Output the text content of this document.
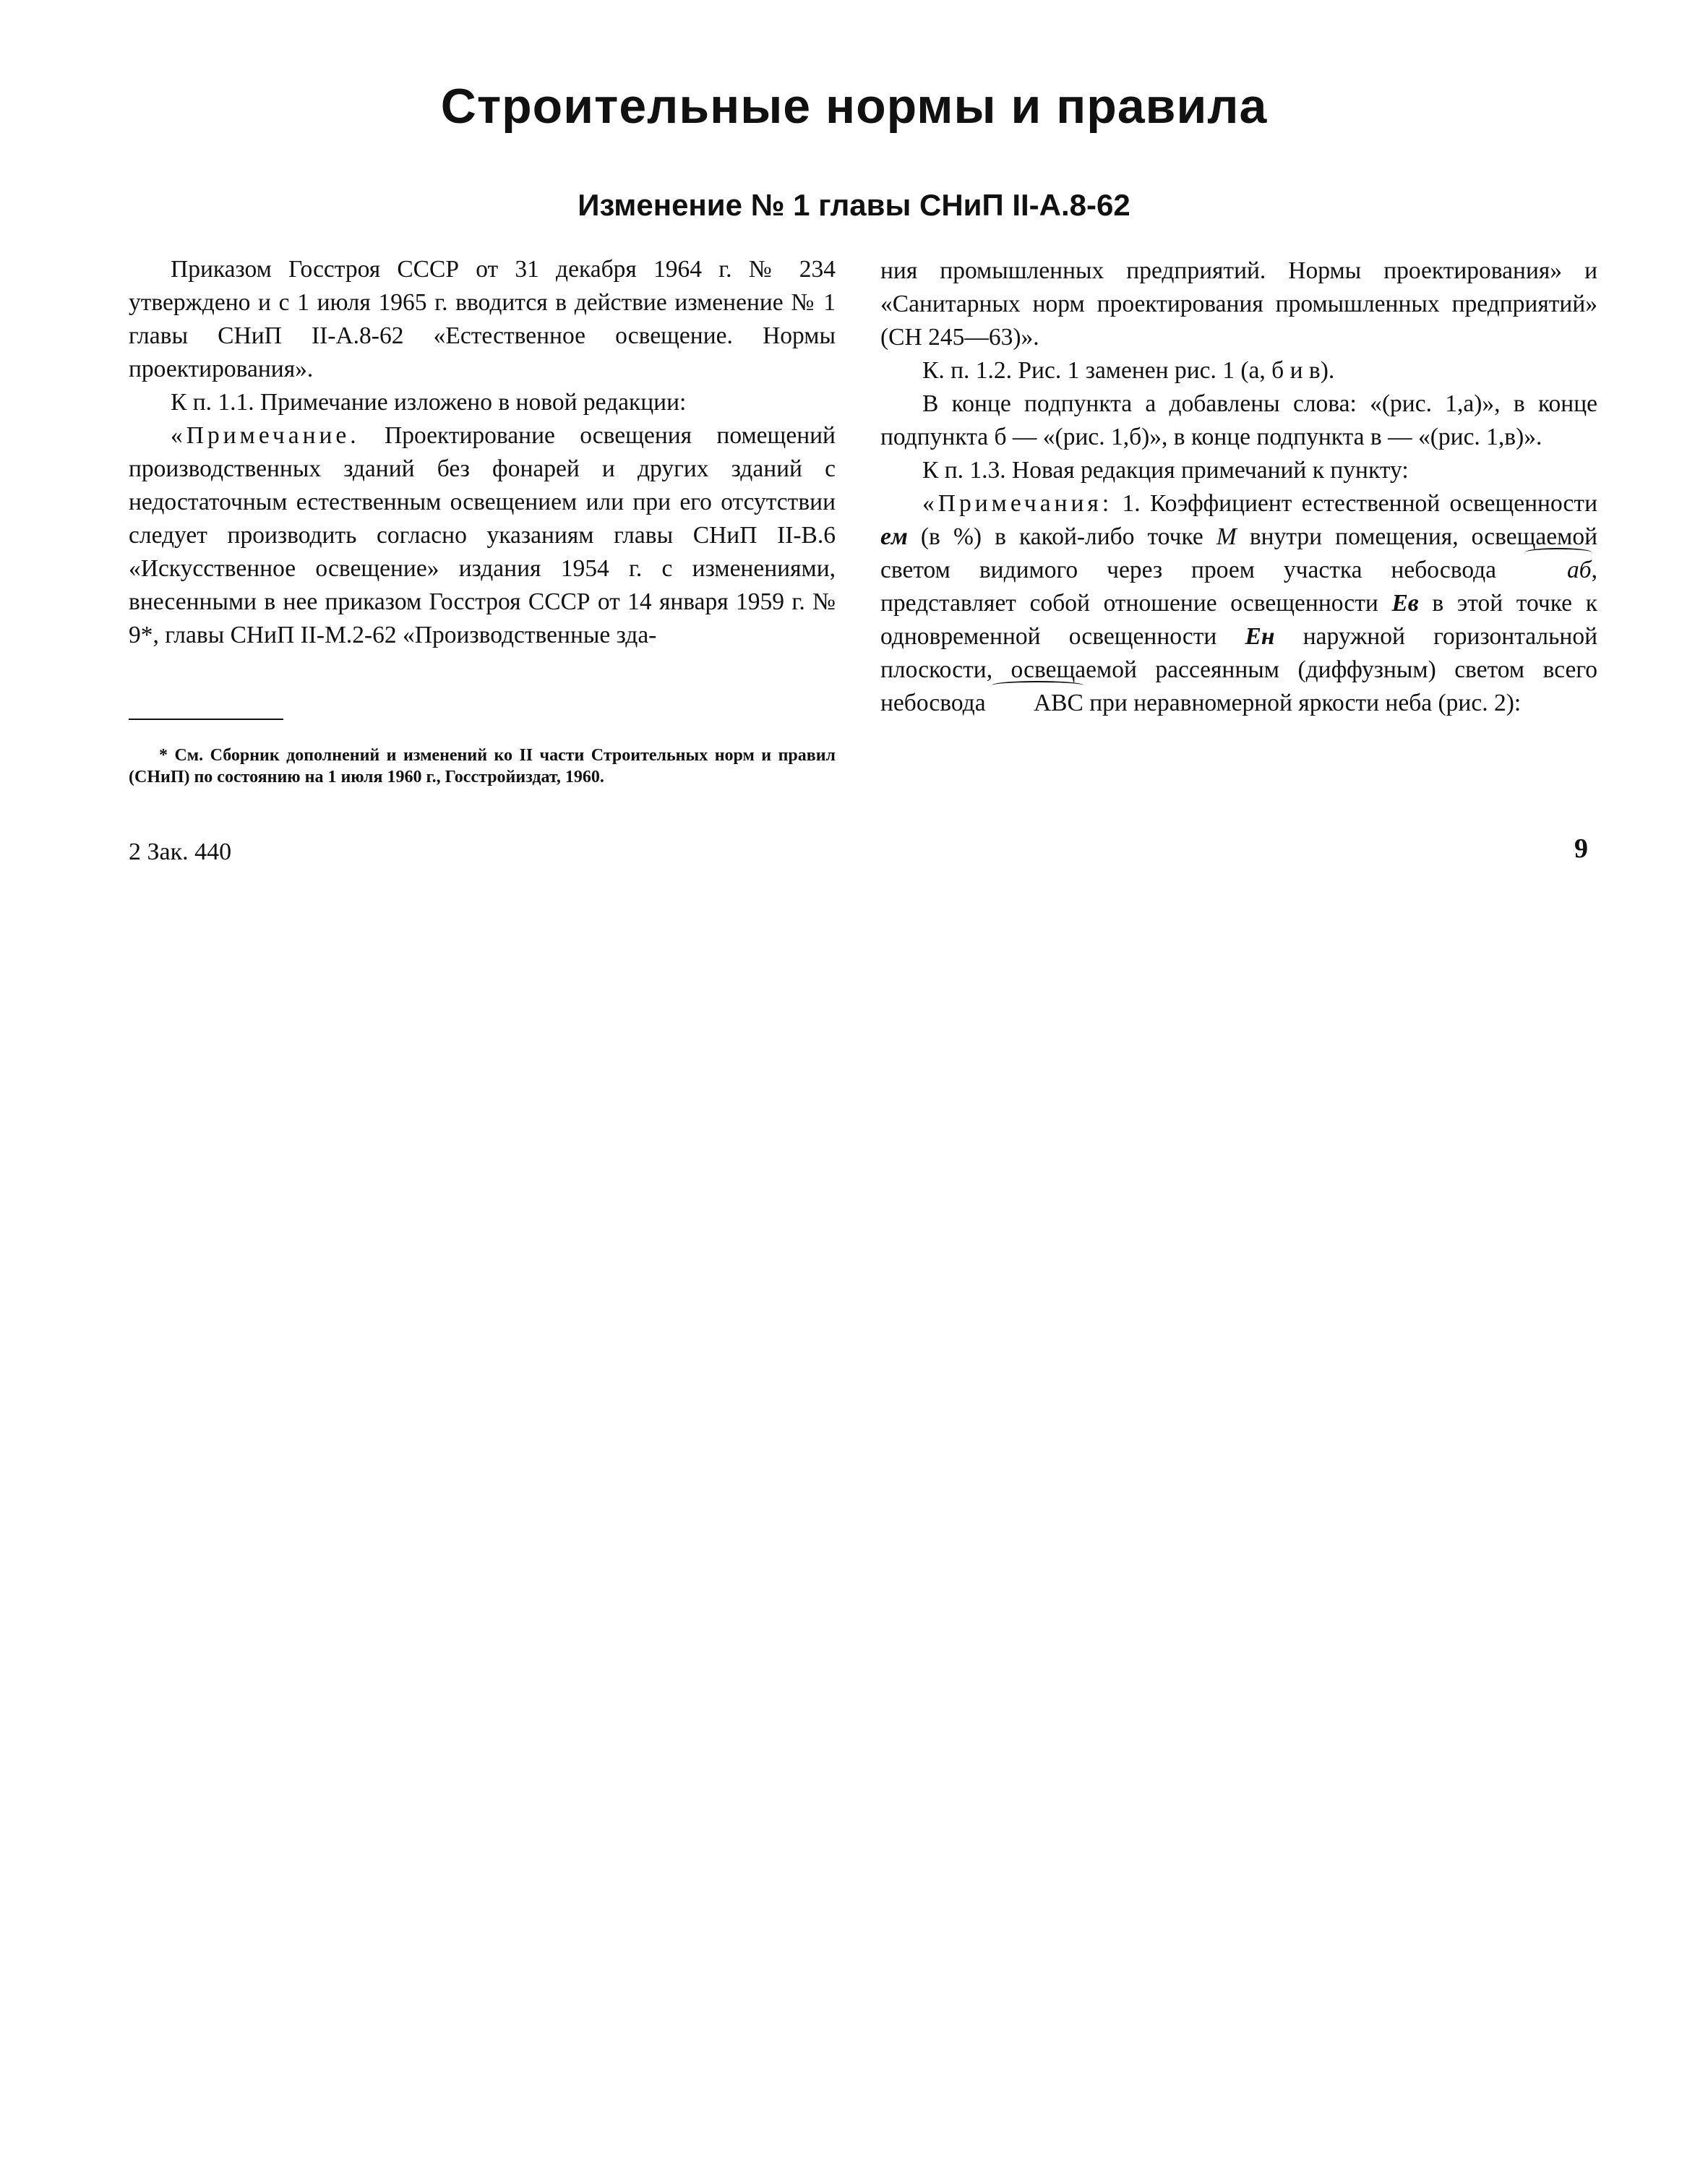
Строительные нормы и правила
Изменение № 1 главы СНиП II-А.8-62

Приказом Госстроя СССР от 31 декабря 1964 г. № 234 утверждено и с 1 июля 1965 г. вводится в действие изменение № 1 главы СНиП II-А.8-62 «Естественное освещение. Нормы проектирования».

К п. 1.1. Примечание изложено в новой редакции:

«Примечание. Проектирование освещения помещений производственных зданий без фонарей и других зданий с недостаточным естественным освещением или при его отсутствии следует производить согласно указаниям главы СНиП II-В.6 «Искусственное освещение» издания 1954 г. с изменениями, внесенными в нее приказом Госстроя СССР от 14 января 1959 г. № 9*, главы СНиП II-М.2-62 «Производственные зда-

ния промышленных предприятий. Нормы проектирования» и «Санитарных норм проектирования промышленных предприятий» (СН 245—63)».

К. п. 1.2. Рис. 1 заменен рис. 1 (а, б и в).

В конце подпункта а добавлены слова: «(рис. 1,а)», в конце подпункта б — «(рис. 1,б)», в конце подпункта в — «(рис. 1,в)».

К п. 1.3. Новая редакция примечаний к пункту:

«Примечания: 1. Коэффициент естественной освещенности eм (в %) в какой-либо точке М внутри помещения, освещаемой светом видимого через проем участка небосвода аб, представляет собой отношение освещенности Eв в этой точке к одновременной освещенности Eн наружной горизонтальной плоскости, освещаемой рассеянным (диффузным) светом всего небосвода АВС при неравномерной яркости неба (рис. 2):

* См. Сборник дополнений и изменений ко II части Строительных норм и правил (СНиП) по состоянию на 1 июля 1960 г., Госстройиздат, 1960.
2 Зак. 440	9
